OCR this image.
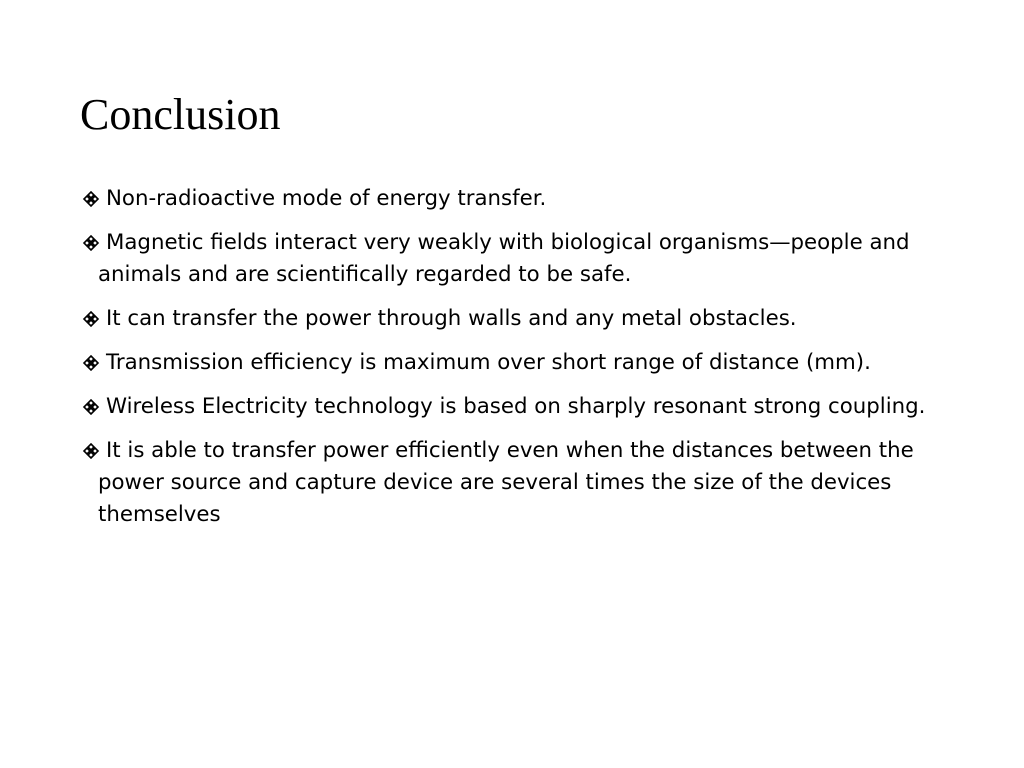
Conclusion
Non-radioactive mode of energy transfer.
Magnetic fields interact very weakly with biological organisms—people and animals and are scientifically regarded to be safe.
It can transfer the power through walls and any metal obstacles.
Transmission efficiency is maximum over short range of distance (mm).
Wireless Electricity technology is based on sharply resonant strong coupling.
It is able to transfer power efficiently even when the distances between the power source and capture device are several times the size of the devices themselves
